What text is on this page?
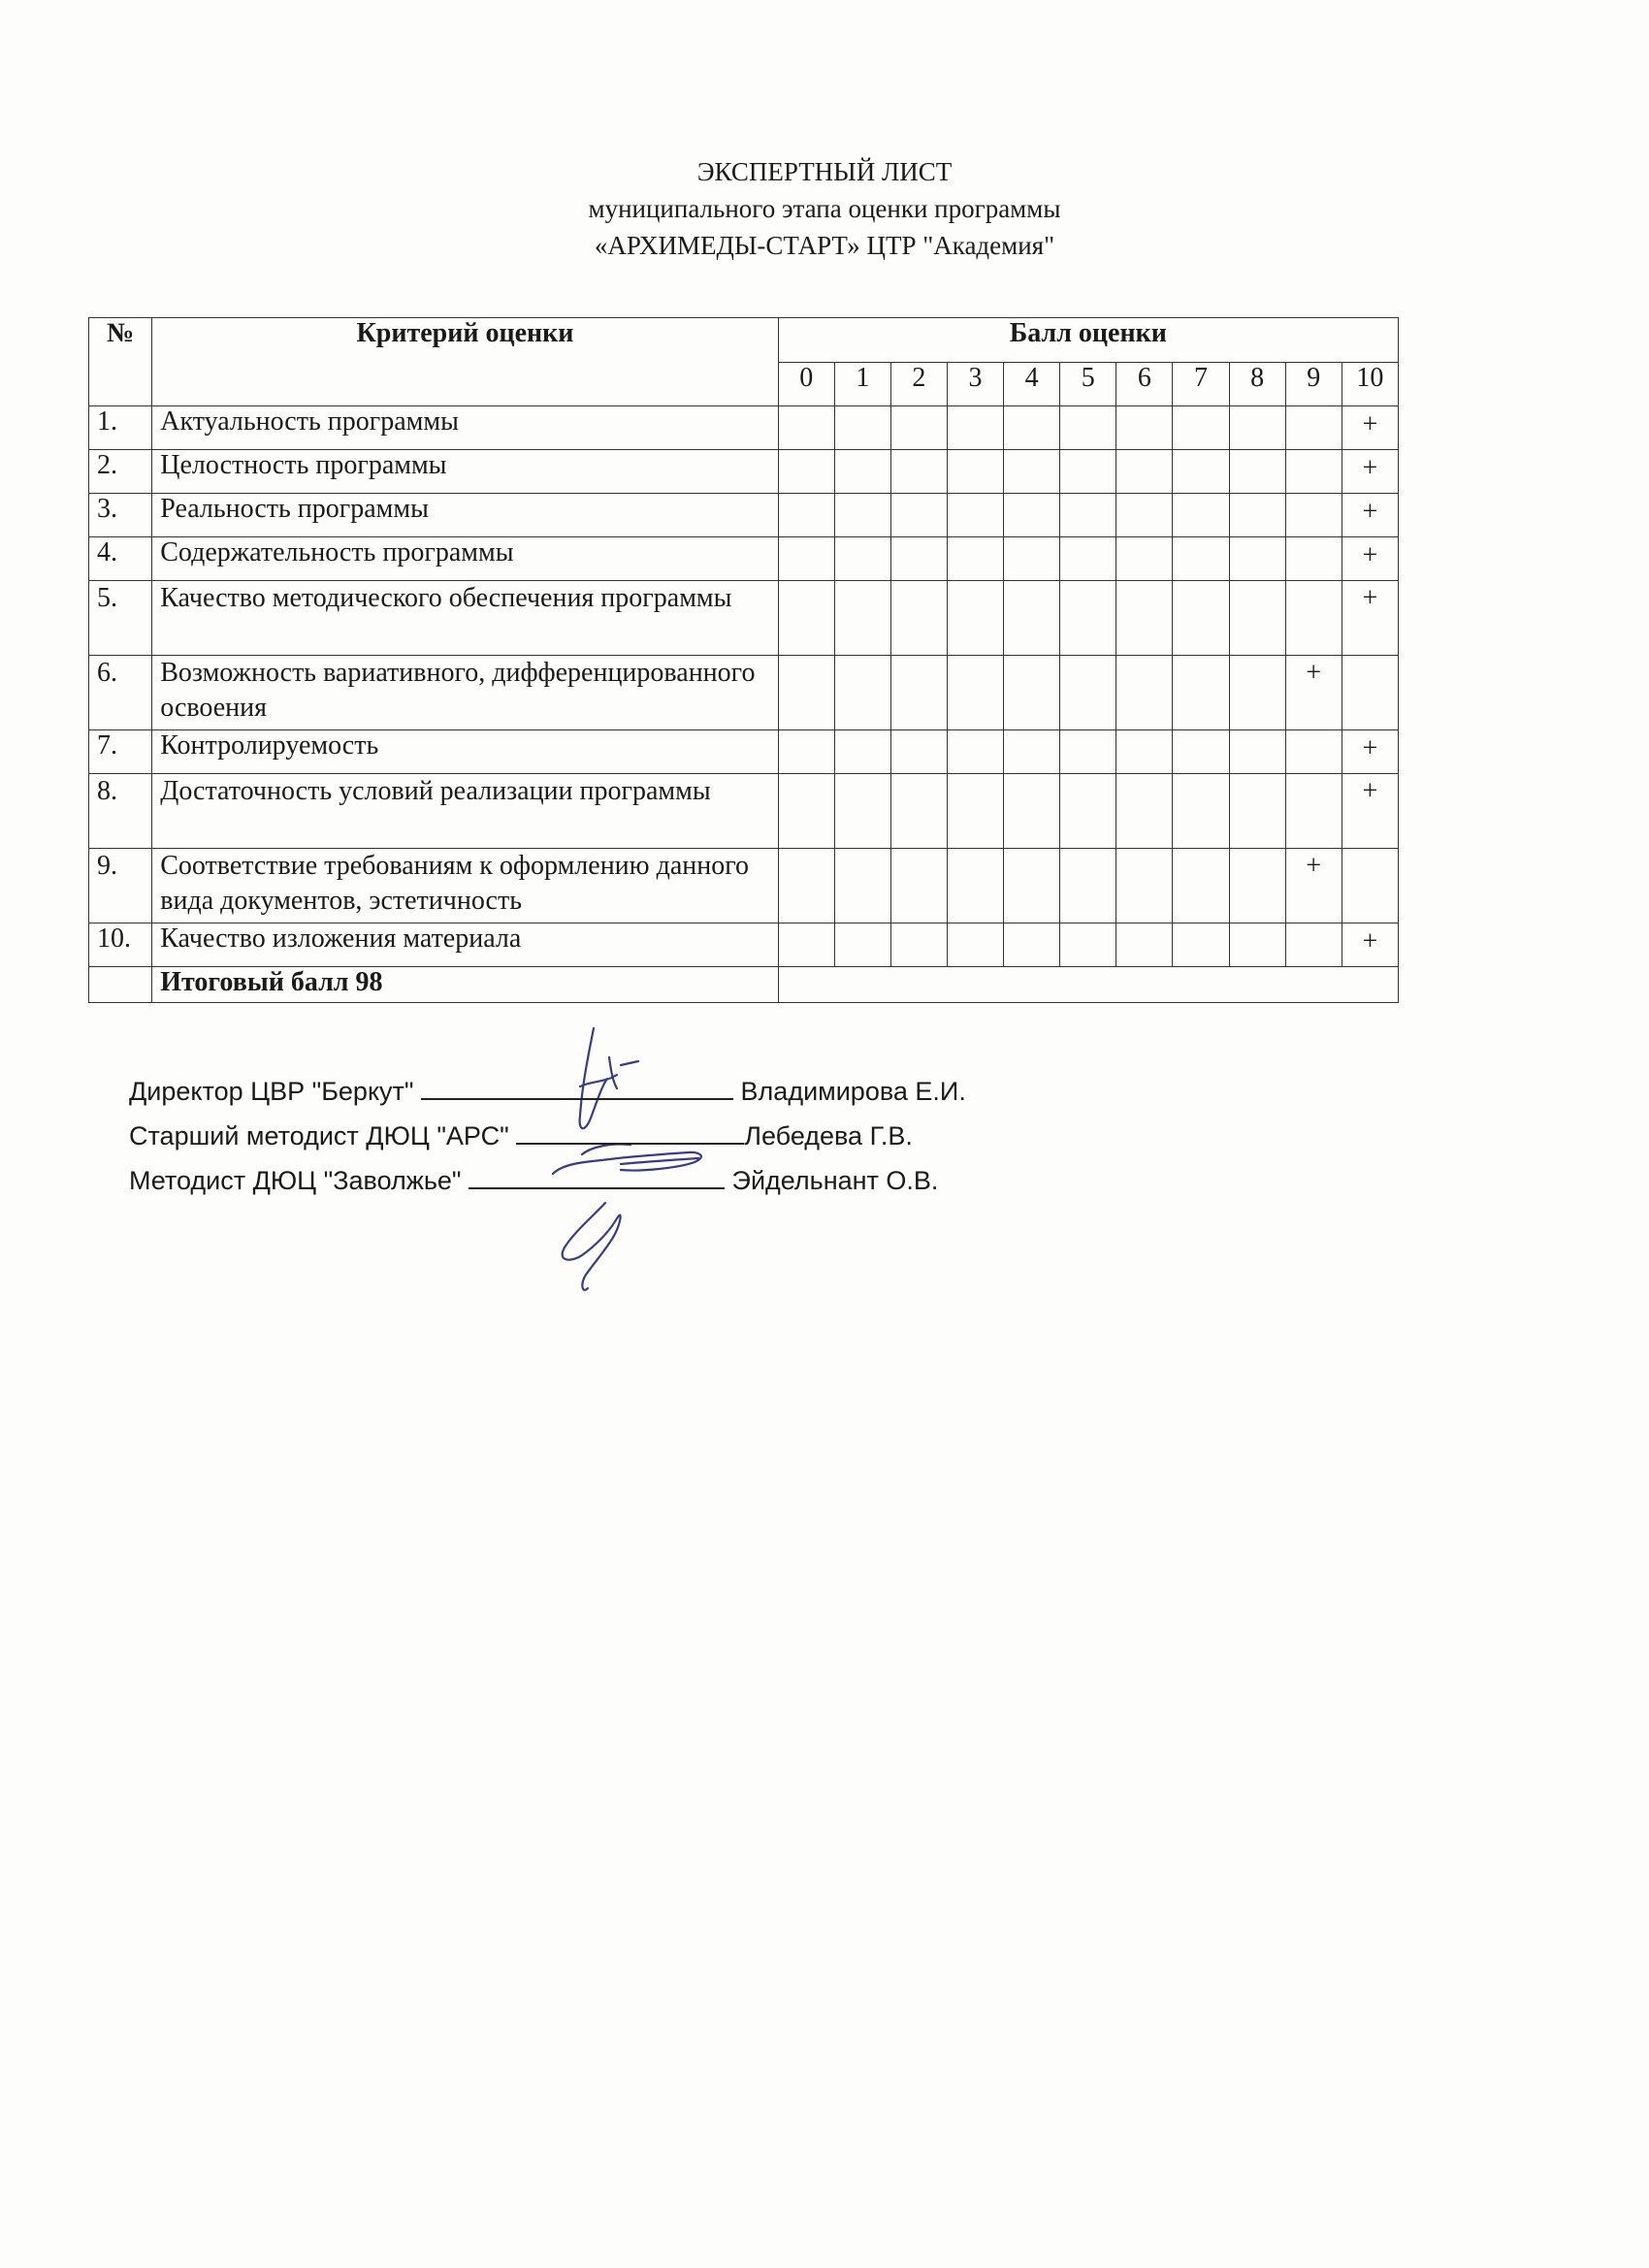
ЭКСПЕРТНЫЙ ЛИСТ
муниципального этапа оценки программы
«АРХИМЕДЫ-СТАРТ» ЦТР "Академия"
№	Критерий оценки	Балл оценки										
		0	1	2	3	4	5	6	7	8	9	10
1.	Актуальность программы											+
2.	Целостность программы											+
3.	Реальность программы											+
4.	Содержательность программы											+
5.	Качество методического обеспечения программы											+
6.	Возможность вариативного, дифференцированного освоения										+	
7.	Контролируемость											+
8.	Достаточность условий реализации программы											+
9.	Соответствие требованиям к оформлению данного вида документов, эстетичность										+	
10.	Качество изложения материала											+
	Итоговый балл 98											
Директор ЦВР "Беркут"	Владимирова Е.И.
Старший методист ДЮЦ "АРС"	Лебедева Г.В.
Методист ДЮЦ "Заволжье"	Эйдельнант О.В.
